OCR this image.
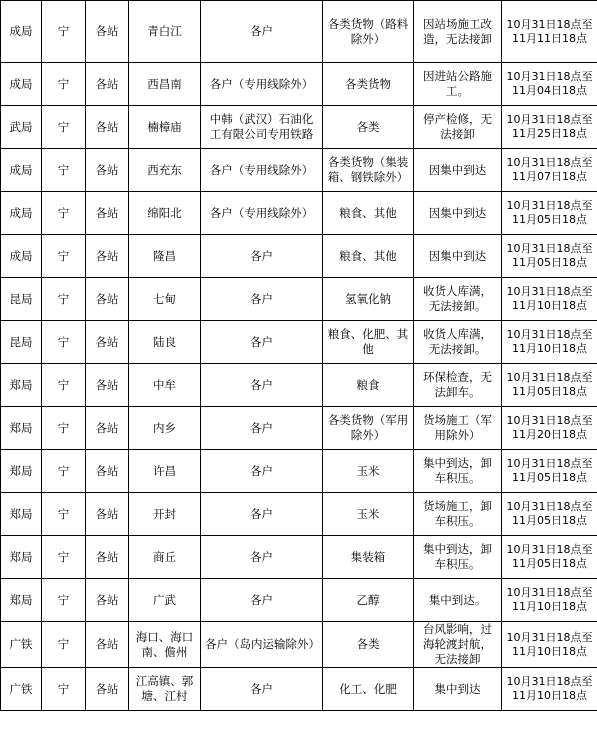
成局	宁	各站	青白江	各户	各类货物（路料除外）	因站场施工改造，无法接卸	10月31日18点至11月11日18点
成局	宁	各站	西昌南	各户（专用线除外）	各类货物	因进站公路施工。	10月31日18点至11月04日18点
武局	宁	各站	楠樟庙	中韩（武汉）石油化工有限公司专用铁路	各类	停产检修，无法接卸	10月31日18点至11月25日18点
成局	宁	各站	西充东	各户（专用线除外）	各类货物（集装箱、钢铁除外）	因集中到达	10月31日18点至11月07日18点
成局	宁	各站	绵阳北	各户（专用线除外）	粮食、其他	因集中到达	10月31日18点至11月05日18点
成局	宁	各站	隆昌	各户	粮食、其他	因集中到达	10月31日18点至11月05日18点
昆局	宁	各站	七甸	各户	氢氧化钠	收货人库满，无法接卸。	10月31日18点至11月10日18点
昆局	宁	各站	陆良	各户	粮食、化肥、其他	收货人库满，无法接卸。	10月31日18点至11月10日18点
郑局	宁	各站	中牟	各户	粮食	环保检查，无法卸车。	10月31日18点至11月05日18点
郑局	宁	各站	内乡	各户	各类货物（军用除外）	货场施工（军用除外）	10月31日18点至11月20日18点
郑局	宁	各站	许昌	各户	玉米	集中到达，卸车积压。	10月31日18点至11月05日18点
郑局	宁	各站	开封	各户	玉米	货场施工，卸车积压。	10月31日18点至11月05日18点
郑局	宁	各站	商丘	各户	集装箱	集中到达，卸车积压。	10月31日18点至11月05日18点
郑局	宁	各站	广武	各户	乙醇	集中到达。	10月31日18点至11月10日18点
广铁	宁	各站	海口、海口南、儋州	各户（岛内运输除外）	各类	台风影响，过海轮渡封航，无法接卸	10月31日18点至11月10日18点
广铁	宁	各站	江高镇、郭塘、江村	各户	化工、化肥	集中到达	10月31日18点至11月10日18点
